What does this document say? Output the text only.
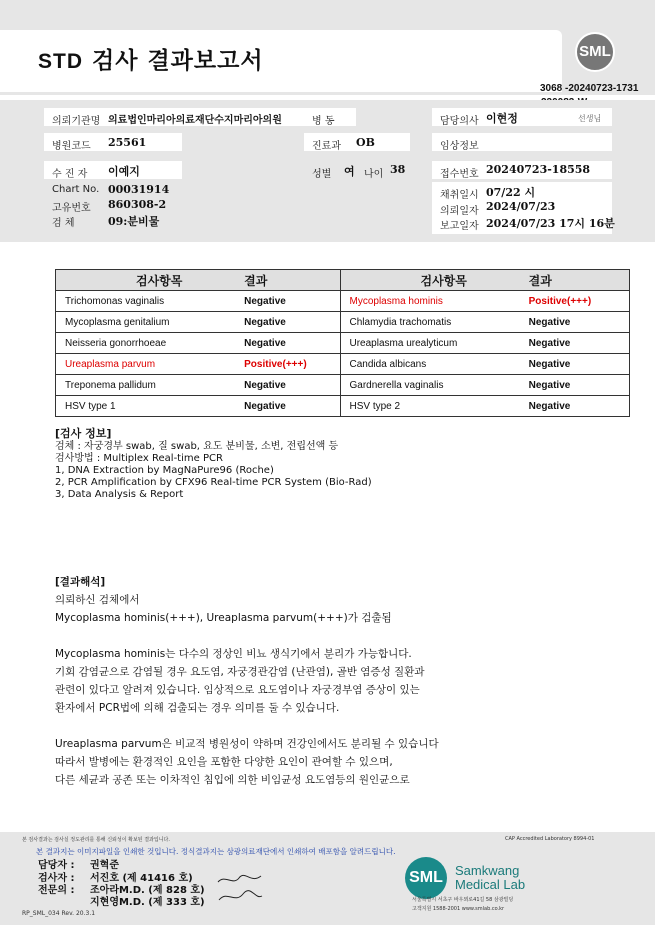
STD 검사 결과보고서	SML
3068 -20240723-1731
의뢰기관명 의료법인마리아의료재단수지마리아의원	병 동	담당의사 이현정	선생님
병원코드 25561	진료과 OB	임상정보
수 진 자 이예지	성별 여 나이 38	접수번호 20240723-18558
Chart No. 00031914
고유번호 860308-2
검 체	09:분비물
채취일시 07/22 시
의뢰일자 2024/07/23
보고일자 2024/07/23 17시 16분
검사항목	결과	검사항목	결과
Trichomonas vaginalis	Negative	Mycoplasma hominis	Positive(+++)
Mycoplasma genitalium	Negative	Chlamydia trachomatis	Negative
Neisseria gonorrhoeae	Negative	Ureaplasma urealyticum	Negative
Ureaplasma parvum	Positive(+++)	Candida albicans	Negative
Treponema pallidum	Negative	Gardnerella vaginalis	Negative
HSV type 1	Negative	HSV type 2	Negative
[검사 정보]
검체 : 자궁경부 swab, 질 swab, 요도 분비물, 소변, 전립선액 등
검사방법 : Multiplex Real-time PCR
1, DNA Extraction by MagNaPure96 (Roche)
2, PCR Amplification by CFX96 Real-time PCR System (Bio-Rad)
3, Data Analysis & Report
[결과해석]
의뢰하신 검체에서
Mycoplasma hominis(+++), Ureaplasma parvum(+++)가 검출됨
Mycoplasma hominis는 다수의 정상인 비뇨 생식기에서 분리가 가능합니다.
기회 감염균으로 감염될 경우 요도염, 자궁경관감염 (난관염), 골반 염증성 질환과
관련이 있다고 알려져 있습니다. 임상적으로 요도염이나 자궁경부염 증상이 있는
환자에서 PCR법에 의해 검출되는 경우 의미를 둘 수 있습니다.
Ureaplasma parvum은 비교적 병원성이 약하며 건강인에서도 분리될 수 있습니다
따라서 발병에는 환경적인 요인을 포함한 다양한 요인이 관여할 수 있으며,
다른 세균과 공존 또는 이차적인 침입에 의한 비임균성 요도염등의 원인균으로
본 검사결과는 검사실 정도관리를 통해 신뢰성이 확보된 결과입니다.	CAP Accredited Laboratory 8994-01
본 결과지는 이미지파일을 인쇄한 것입니다. 정식결과지는 삼광의료재단에서 인쇄하여 배포함을 알려드립니다.
담당자 : 권혁준
검사자 : 서진호 (제 41416 호)
전문의 : 조아라M.D. (제 828 호)
지현영M.D. (제 333 호)
SML Samkwang
Medical Lab
서울특별시 서초구 바우뫼로41길 58 삼광빌딩
고객지원 1588-2001 www.smlab.co.kr
RP_SML_034 Rev. 20.3.1
